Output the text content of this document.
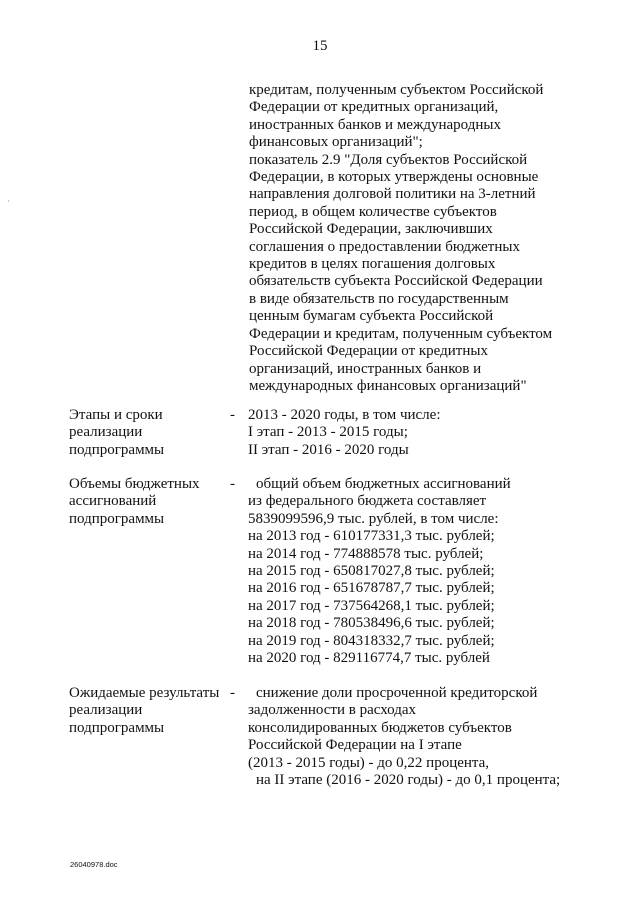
15
кредитам, полученным субъектом Российской
Федерации от кредитных организаций,
иностранных банков и международных
финансовых организаций";
показатель 2.9 "Доля субъектов Российской
Федерации, в которых утверждены основные
направления долговой политики на 3-летний
период, в общем количестве субъектов
Российской Федерации, заключивших
соглашения о предоставлении бюджетных
кредитов в целях погашения долговых
обязательств субъекта Российской Федерации
в виде обязательств по государственным
ценным бумагам субъекта Российской
Федерации и кредитам, полученным субъектом
Российской Федерации от кредитных
организаций, иностранных банков и
международных финансовых организаций"
Этапы и сроки
реализации
подпрограммы
- 2013 - 2020 годы, в том числе:
I этап - 2013 - 2015 годы;
II этап - 2016 - 2020 годы
Объемы бюджетных
ассигнований
подпрограммы
-	общий объем бюджетных ассигнований
из федерального бюджета составляет
5839099596,9 тыс. рублей, в том числе:
на 2013 год - 610177331,3 тыс. рублей;
на 2014 год - 774888578 тыс. рублей;
на 2015 год - 650817027,8 тыс. рублей;
на 2016 год - 651678787,7 тыс. рублей;
на 2017 год - 737564268,1 тыс. рублей;
на 2018 год - 780538496,6 тыс. рублей;
на 2019 год - 804318332,7 тыс. рублей;
на 2020 год - 829116774,7 тыс. рублей
Ожидаемые результаты
реализации
подпрограммы
-	снижение доли просроченной кредиторской
задолженности в расходах
консолидированных бюджетов субъектов
Российской Федерации на I этапе
(2013 - 2015 годы) - до 0,22 процента,
на II этапе (2016 - 2020 годы) - до 0,1 процента;
26040978.doc
